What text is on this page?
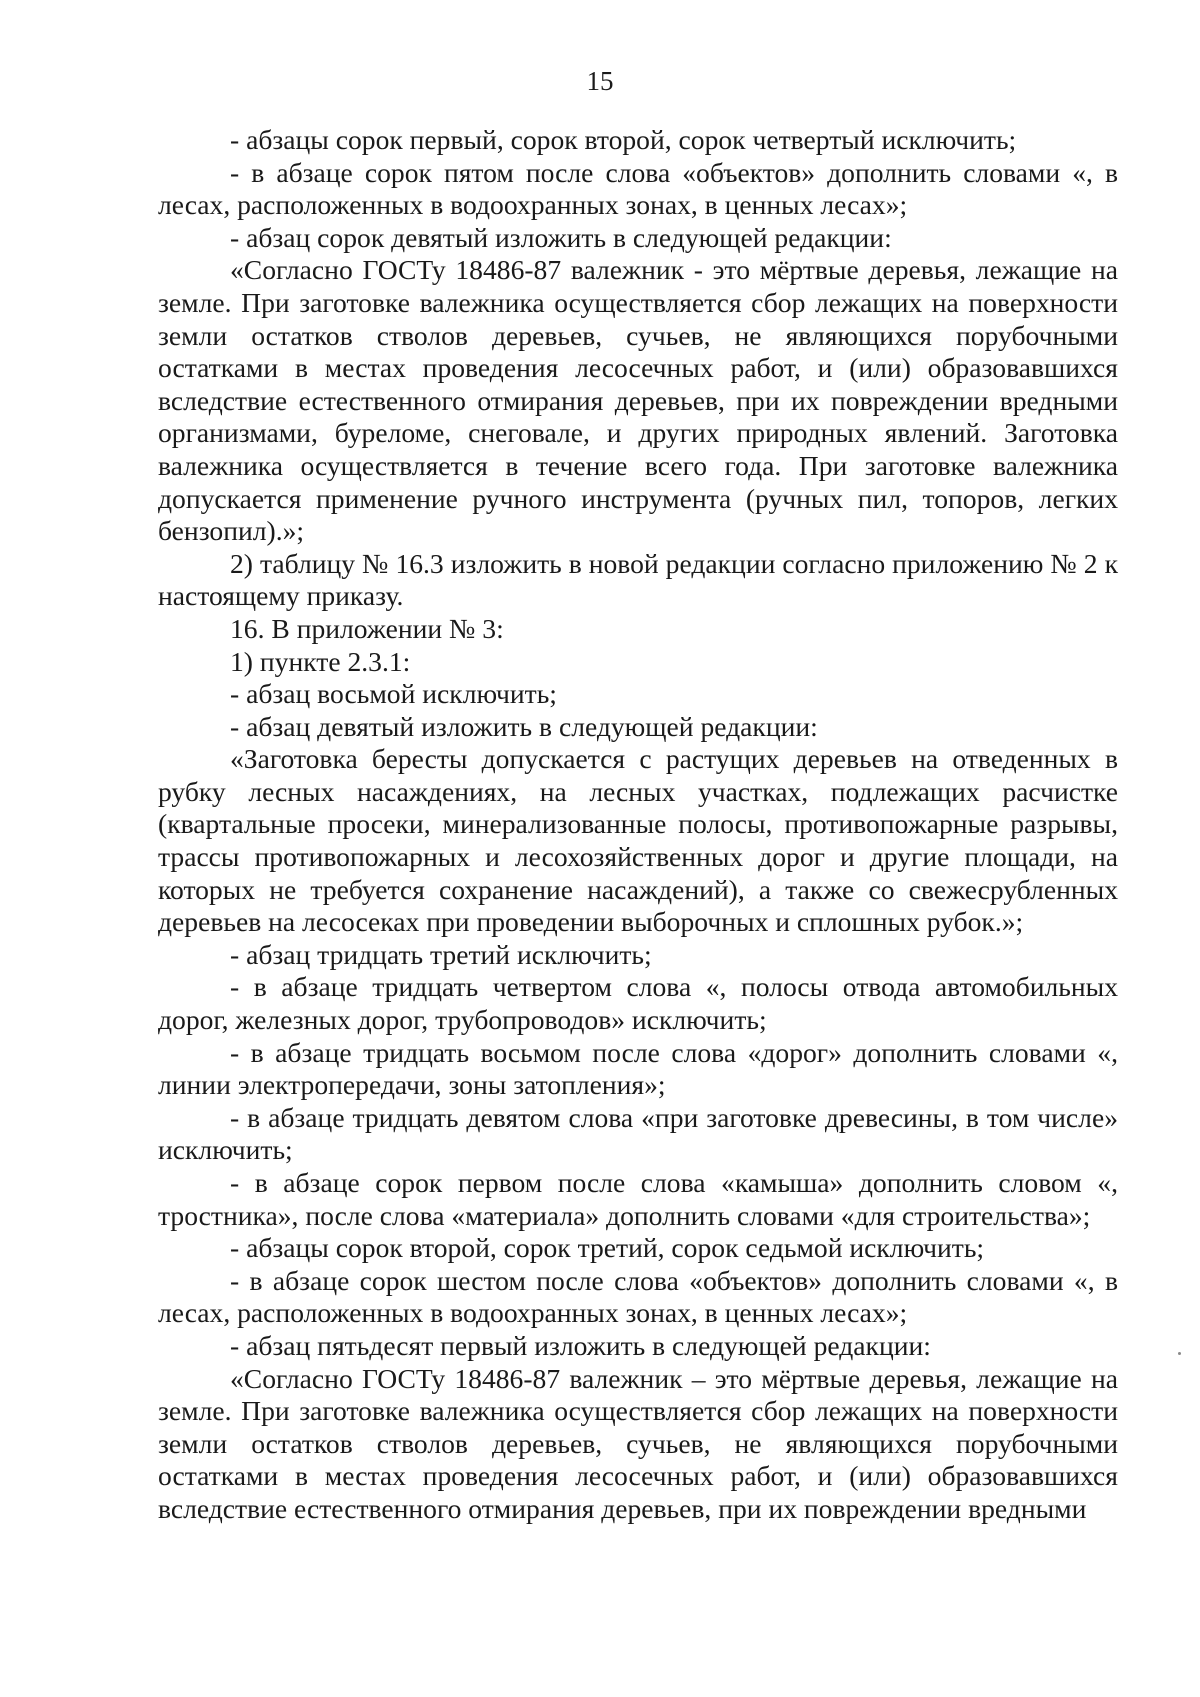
15

- абзацы сорок первый, сорок второй, сорок четвертый исключить;

- в абзаце сорок пятом после слова «объектов» дополнить словами «, в лесах, расположенных в водоохранных зонах, в ценных лесах»;

- абзац сорок девятый изложить в следующей редакции:

«Согласно ГОСТу 18486-87 валежник - это мёртвые деревья, лежащие на земле. При заготовке валежника осуществляется сбор лежащих на поверхности земли остатков стволов деревьев, сучьев, не являющихся порубочными остатками в местах проведения лесосечных работ, и (или) образовавшихся вследствие естественного отмирания деревьев, при их повреждении вредными организмами, буреломе, снеговале, и других природных явлений. Заготовка валежника осуществляется в течение всего года. При заготовке валежника допускается применение ручного инструмента (ручных пил, топоров, легких бензопил).»;

2) таблицу № 16.3 изложить в новой редакции согласно приложению № 2 к настоящему приказу.

16. В приложении № 3:

1) пункте 2.3.1:

- абзац восьмой исключить;

- абзац девятый изложить в следующей редакции:

«Заготовка бересты допускается с растущих деревьев на отведенных в рубку лесных насаждениях, на лесных участках, подлежащих расчистке (квартальные просеки, минерализованные полосы, противопожарные разрывы, трассы противопожарных и лесохозяйственных дорог и другие площади, на которых не требуется сохранение насаждений), а также со свежесрубленных деревьев на лесосеках при проведении выборочных и сплошных рубок.»;

- абзац тридцать третий исключить;

- в абзаце тридцать четвертом слова «, полосы отвода автомобильных дорог, железных дорог, трубопроводов» исключить;

- в абзаце тридцать восьмом после слова «дорог» дополнить словами «, линии электропередачи, зоны затопления»;

- в абзаце тридцать девятом слова «при заготовке древесины, в том числе» исключить;

- в абзаце сорок первом после слова «камыша» дополнить словом «, тростника», после слова «материала» дополнить словами «для строительства»;

- абзацы сорок второй, сорок третий, сорок седьмой исключить;

- в абзаце сорок шестом после слова «объектов» дополнить словами «, в лесах, расположенных в водоохранных зонах, в ценных лесах»;

- абзац пятьдесят первый изложить в следующей редакции:

«Согласно ГОСТу 18486-87 валежник – это мёртвые деревья, лежащие на земле. При заготовке валежника осуществляется сбор лежащих на поверхности земли остатков стволов деревьев, сучьев, не являющихся порубочными остатками в местах проведения лесосечных работ, и (или) образовавшихся вследствие естественного отмирания деревьев, при их повреждении вредными
